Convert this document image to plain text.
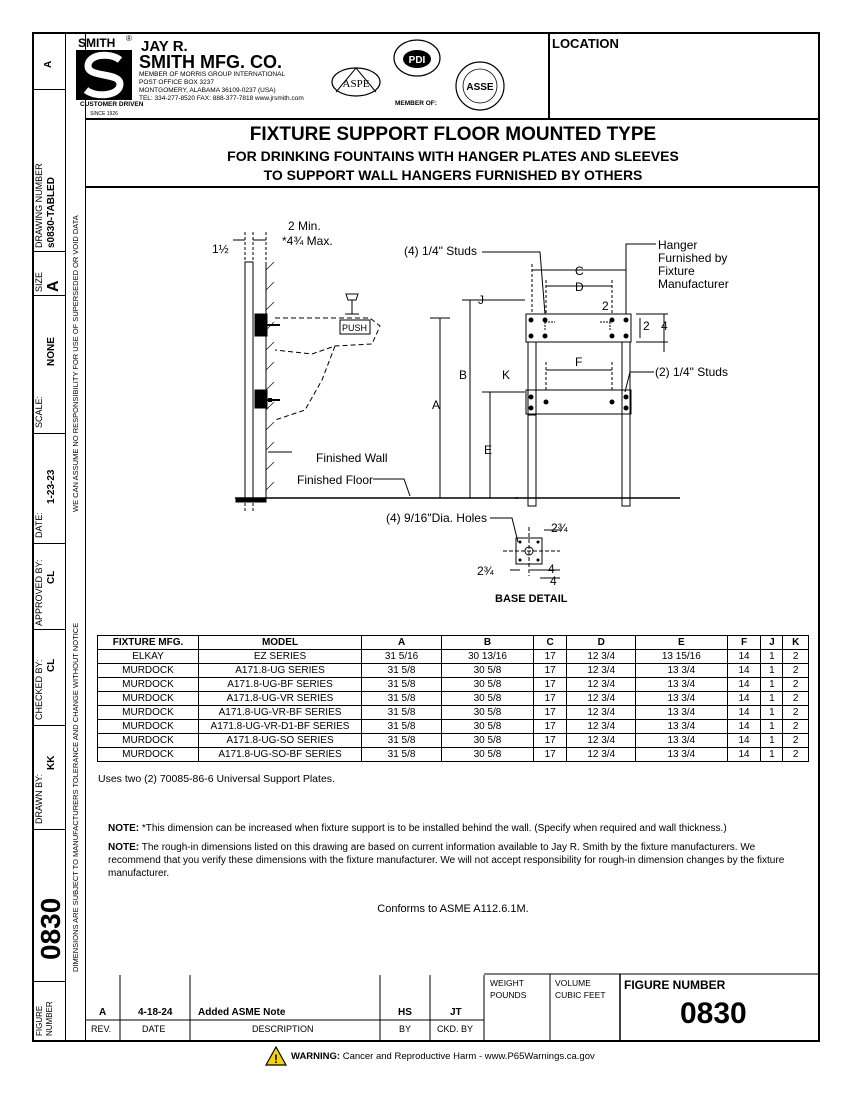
A
DRAWING NUMBER s0830-TABLED
SIZE A
SCALE:
NONE
DATE:
1-23-23
APPROVED BY: CL
CHECKED BY: CL
DRAWN BY:
KK
0830
FIGURE NUMBER
WE CAN ASSUME NO RESPONSIBILITY FOR USE OF SUPERSEDED OR VOID DATA
DIMENSIONS ARE SUBJECT TO MANUFACTURERS TOLERANCE AND CHANGE WITHOUT NOTICE
SMITH ®
CUSTOMER DRIVEN
SINCE 1926
JAY R.
SMITH MFG. CO.
MEMBER OF MORRIS GROUP INTERNATIONAL
POST OFFICE BOX 3237
MONTGOMERY, ALABAMA 36109-0237 (USA)
TEL: 334-277-8520 FAX: 888-377-7818 www.jrsmith.com
ASPE
PDI
MEMBER OF:
ASSE
LOCATION
FIXTURE SUPPORT FLOOR MOUNTED TYPE
FOR DRINKING FOUNTAINS WITH HANGER PLATES AND SLEEVES
TO SUPPORT WALL HANGERS FURNISHED BY OTHERS
PUSH
1½
2 Min.
*4¾ Max.
(4) 1/4" Studs	Hanger
Furnished by
Fixture
Manufacturer
C
D
J	2
2 4
F
(2) 1/4" Studs
B	K
A
E
Finished Wall
Finished Floor
(4) 9/16"Dia. Holes
2¾
2¾	4
4
BASE DETAIL
FIXTURE MFG.	MODEL	A	B	C	D	E	F	J	K
ELKAY	EZ SERIES	31 5/16	30 13/16	17	12 3/4	13 15/16	14	1	2
MURDOCK	A171.8-UG SERIES	31 5/8	30 5/8	17	12 3/4	13 3/4	14	1	2
MURDOCK	A171.8-UG-BF SERIES	31 5/8	30 5/8	17	12 3/4	13 3/4	14	1	2
MURDOCK	A171.8-UG-VR SERIES	31 5/8	30 5/8	17	12 3/4	13 3/4	14	1	2
MURDOCK	A171.8-UG-VR-BF SERIES	31 5/8	30 5/8	17	12 3/4	13 3/4	14	1	2
MURDOCK	A171.8-UG-VR-D1-BF SERIES	31 5/8	30 5/8	17	12 3/4	13 3/4	14	1	2
MURDOCK	A171.8-UG-SO SERIES	31 5/8	30 5/8	17	12 3/4	13 3/4	14	1	2
MURDOCK	A171.8-UG-SO-BF SERIES	31 5/8	30 5/8	17	12 3/4	13 3/4	14	1	2
Uses two (2) 70085-86-6 Universal Support Plates.
NOTE: *This dimension can be increased when fixture support is to be installed behind the wall. (Specify when required and wall thickness.)
NOTE: The rough-in dimensions listed on this drawing are based on current information available to Jay R. Smith by the fixture manufacturers. We recommend that you verify these dimensions with the fixture manufacturer. We will not accept responsibility for rough-in dimension changes by the fixture manufacturer.
Conforms to ASME A112.6.1M.
A	4-18-24	Added ASME Note	HS	JT
REV.	DATE	DESCRIPTION	BY	CKD. BY
WEIGHT
POUNDS
VOLUME
CUBIC FEET
FIGURE NUMBER
0830
! WARNING: Cancer and Reproductive Harm - www.P65Warnings.ca.gov
